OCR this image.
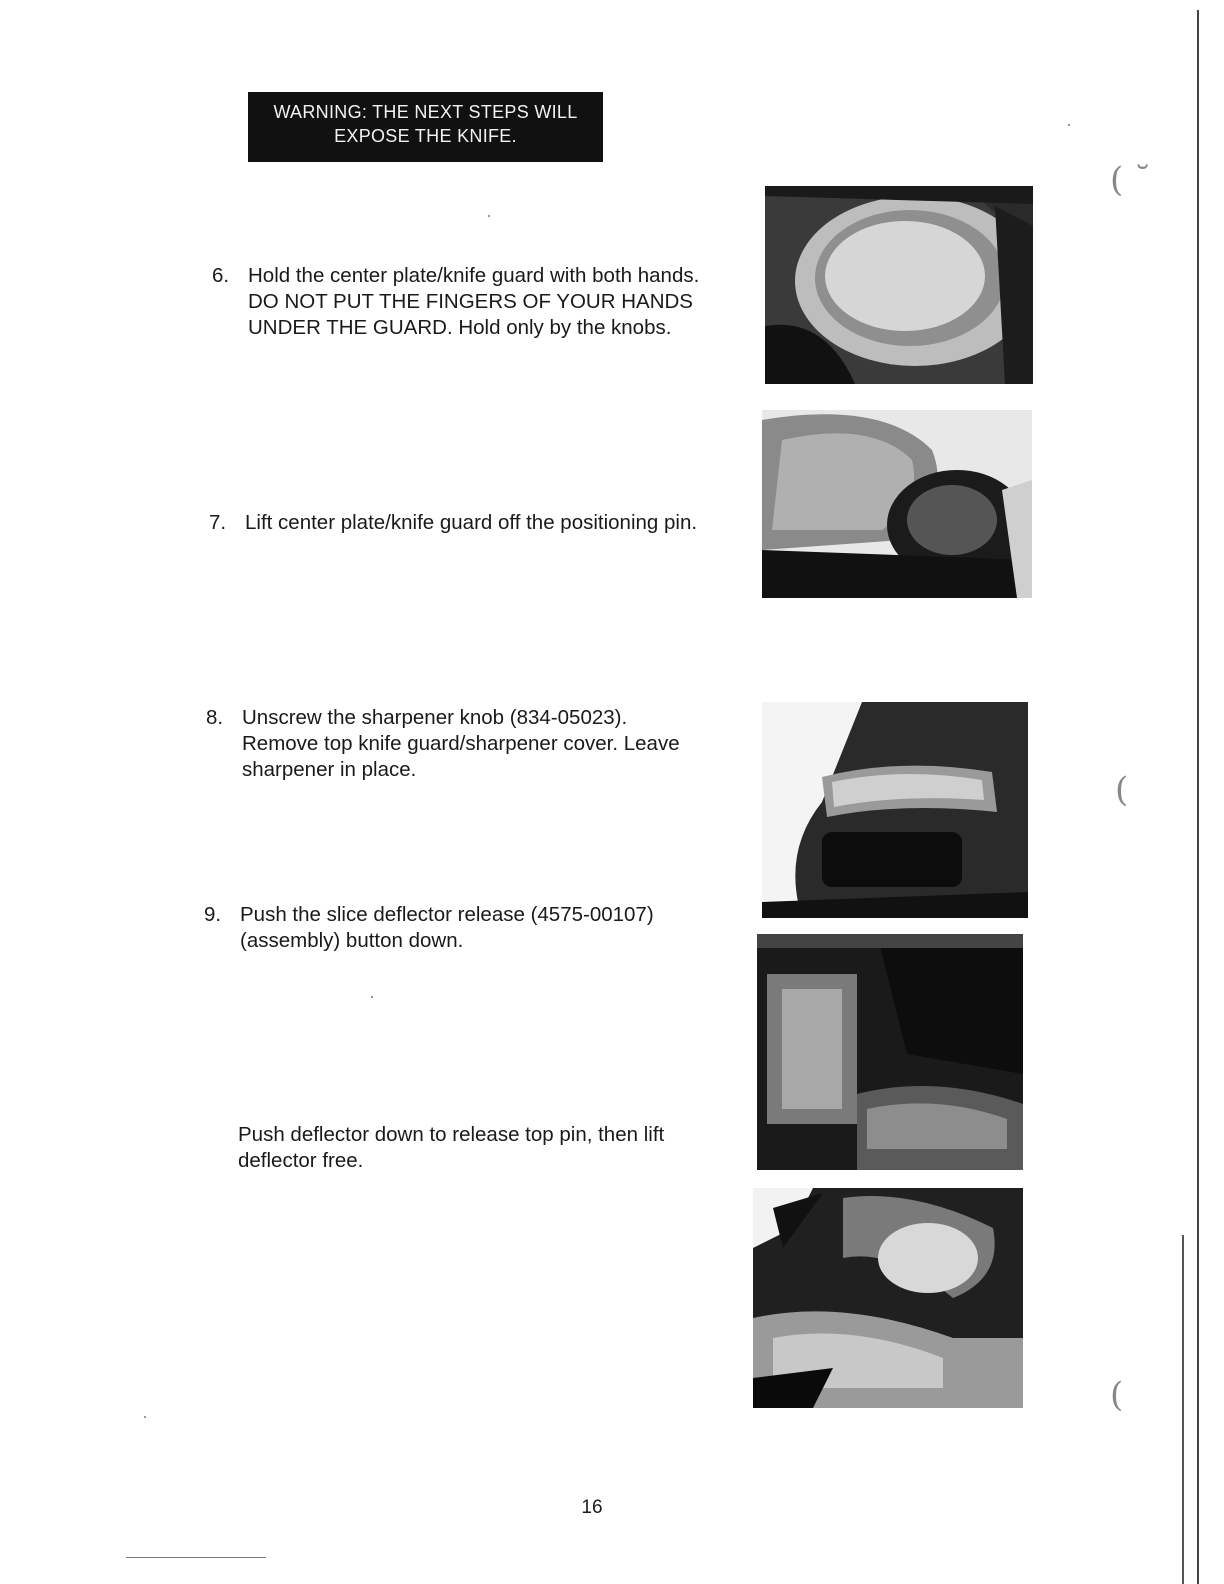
WARNING: THE NEXT STEPS WILL
EXPOSE THE KNIFE.
6. Hold the center plate/knife guard with both hands.
DO NOT PUT THE FINGERS OF YOUR HANDS
UNDER THE GUARD. Hold only by the knobs.
7. Lift center plate/knife guard off the positioning pin.
8. Unscrew the sharpener knob (834-05023).
Remove top knife guard/sharpener cover. Leave
sharpener in place.
9. Push the slice deflector release (4575-00107)
(assembly) button down.
Push deflector down to release top pin, then lift
deflector free.
( ˘
(
(
16
